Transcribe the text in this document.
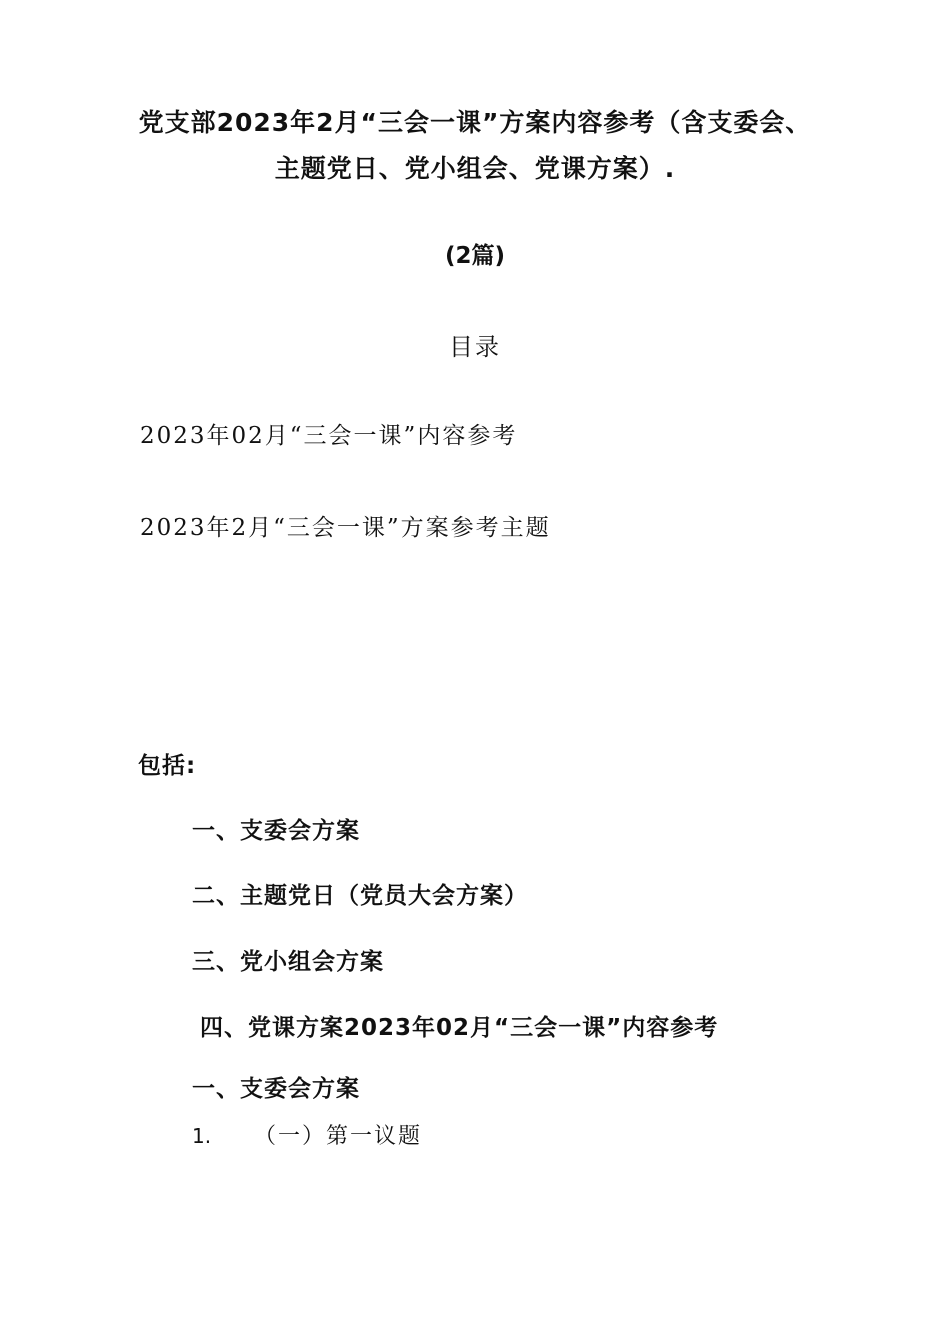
党支部2023年2月“三会一课”方案内容参考（含支委会、
主题党日、党小组会、党课方案）.
(2篇)
目录
2023年02月“三会一课”内容参考
2023年2月“三会一课”方案参考主题
包括:
一、支委会方案
二、主题党日（党员大会方案）
三、党小组会方案
四、党课方案2023年02月“三会一课”内容参考
一、支委会方案
1. （一）第一议题
